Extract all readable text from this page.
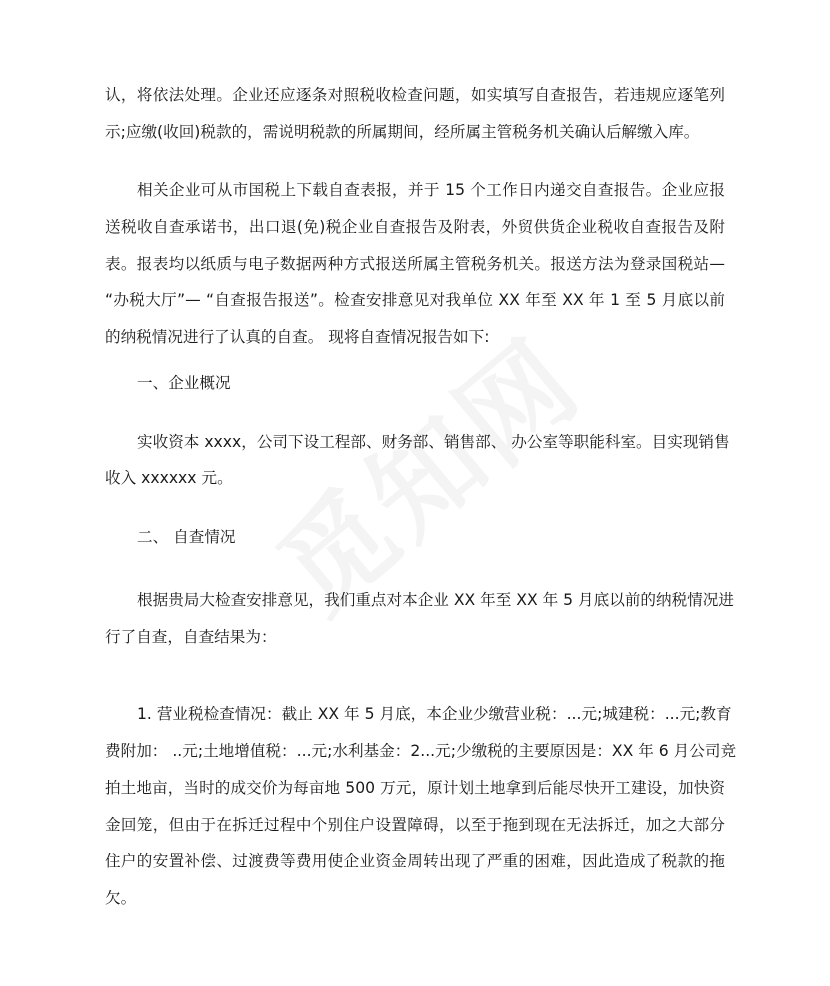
认，将依法处理。企业还应逐条对照税收检查问题，如实填写自查报告，若违规应逐笔列
示;应缴(收回)税款的，需说明税款的所属期间，经所属主管税务机关确认后解缴入库。
相关企业可从市国税上下载自查表报，并于 15 个工作日内递交自查报告。企业应报
送税收自查承诺书，出口退(免)税企业自查报告及附表，外贸供货企业税收自查报告及附
表。报表均以纸质与电子数据两种方式报送所属主管税务机关。报送方法为登录国税站—
“办税大厅”— “自查报告报送”。检查安排意见对我单位 XX 年至 XX 年 1 至 5 月底以前
的纳税情况进行了认真的自查。 现将自查情况报告如下:
一、企业概况
实收资本 xxxx，公司下设工程部、财务部、销售部、 办公室等职能科室。目实现销售
收入 xxxxxx 元。
二、 自查情况
根据贵局大检查安排意见，我们重点对本企业 XX 年至 XX 年 5 月底以前的纳税情况进
行了自查，自查结果为：
1. 营业税检查情况：截止 XX 年 5 月底，本企业少缴营业税：...元;城建税：...元;教育
费附加： ..元;土地增值税：...元;水利基金：2...元;少缴税的主要原因是：XX 年 6 月公司竞
拍土地亩，当时的成交价为每亩地 500 万元，原计划土地拿到后能尽快开工建设，加快资
金回笼，但由于在拆迁过程中个别住户设置障碍，以至于拖到现在无法拆迁，加之大部分
住户的安置补偿、过渡费等费用使企业资金周转出现了严重的困难，因此造成了税款的拖
欠。
